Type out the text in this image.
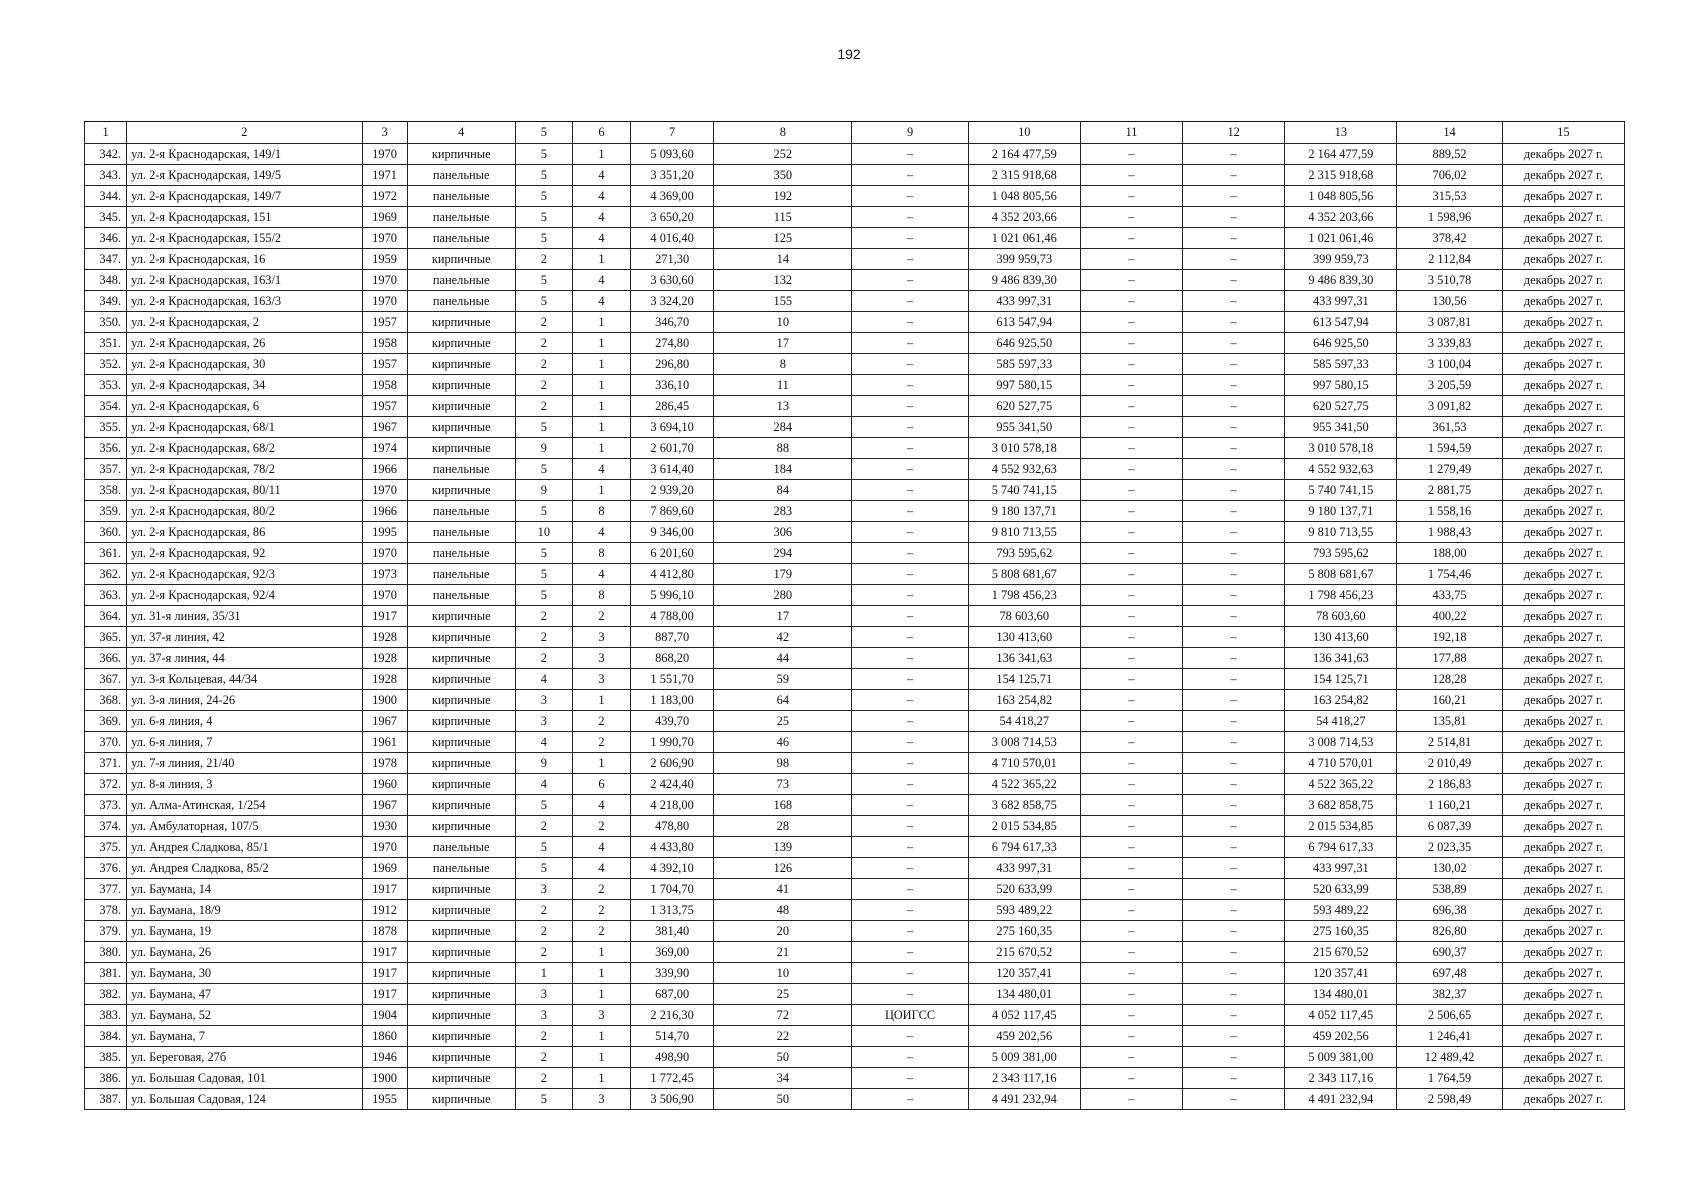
192
1	2	3	4	5	6	7	8	9	10	11	12	13	14	15
342.	ул. 2-я Краснодарская, 149/1	1970	кирпичные	5	1	5 093,60	252	–	2 164 477,59	–	–	2 164 477,59	889,52	декабрь 2027 г.
343.	ул. 2-я Краснодарская, 149/5	1971	панельные	5	4	3 351,20	350	–	2 315 918,68	–	–	2 315 918,68	706,02	декабрь 2027 г.
344.	ул. 2-я Краснодарская, 149/7	1972	панельные	5	4	4 369,00	192	–	1 048 805,56	–	–	1 048 805,56	315,53	декабрь 2027 г.
345.	ул. 2-я Краснодарская, 151	1969	панельные	5	4	3 650,20	115	–	4 352 203,66	–	–	4 352 203,66	1 598,96	декабрь 2027 г.
346.	ул. 2-я Краснодарская, 155/2	1970	панельные	5	4	4 016,40	125	–	1 021 061,46	–	–	1 021 061,46	378,42	декабрь 2027 г.
347.	ул. 2-я Краснодарская, 16	1959	кирпичные	2	1	271,30	14	–	399 959,73	–	–	399 959,73	2 112,84	декабрь 2027 г.
348.	ул. 2-я Краснодарская, 163/1	1970	панельные	5	4	3 630,60	132	–	9 486 839,30	–	–	9 486 839,30	3 510,78	декабрь 2027 г.
349.	ул. 2-я Краснодарская, 163/3	1970	панельные	5	4	3 324,20	155	–	433 997,31	–	–	433 997,31	130,56	декабрь 2027 г.
350.	ул. 2-я Краснодарская, 2	1957	кирпичные	2	1	346,70	10	–	613 547,94	–	–	613 547,94	3 087,81	декабрь 2027 г.
351.	ул. 2-я Краснодарская, 26	1958	кирпичные	2	1	274,80	17	–	646 925,50	–	–	646 925,50	3 339,83	декабрь 2027 г.
352.	ул. 2-я Краснодарская, 30	1957	кирпичные	2	1	296,80	8	–	585 597,33	–	–	585 597,33	3 100,04	декабрь 2027 г.
353.	ул. 2-я Краснодарская, 34	1958	кирпичные	2	1	336,10	11	–	997 580,15	–	–	997 580,15	3 205,59	декабрь 2027 г.
354.	ул. 2-я Краснодарская, 6	1957	кирпичные	2	1	286,45	13	–	620 527,75	–	–	620 527,75	3 091,82	декабрь 2027 г.
355.	ул. 2-я Краснодарская, 68/1	1967	кирпичные	5	1	3 694,10	284	–	955 341,50	–	–	955 341,50	361,53	декабрь 2027 г.
356.	ул. 2-я Краснодарская, 68/2	1974	кирпичные	9	1	2 601,70	88	–	3 010 578,18	–	–	3 010 578,18	1 594,59	декабрь 2027 г.
357.	ул. 2-я Краснодарская, 78/2	1966	панельные	5	4	3 614,40	184	–	4 552 932,63	–	–	4 552 932,63	1 279,49	декабрь 2027 г.
358.	ул. 2-я Краснодарская, 80/11	1970	кирпичные	9	1	2 939,20	84	–	5 740 741,15	–	–	5 740 741,15	2 881,75	декабрь 2027 г.
359.	ул. 2-я Краснодарская, 80/2	1966	панельные	5	8	7 869,60	283	–	9 180 137,71	–	–	9 180 137,71	1 558,16	декабрь 2027 г.
360.	ул. 2-я Краснодарская, 86	1995	панельные	10	4	9 346,00	306	–	9 810 713,55	–	–	9 810 713,55	1 988,43	декабрь 2027 г.
361.	ул. 2-я Краснодарская, 92	1970	панельные	5	8	6 201,60	294	–	793 595,62	–	–	793 595,62	188,00	декабрь 2027 г.
362.	ул. 2-я Краснодарская, 92/3	1973	панельные	5	4	4 412,80	179	–	5 808 681,67	–	–	5 808 681,67	1 754,46	декабрь 2027 г.
363.	ул. 2-я Краснодарская, 92/4	1970	панельные	5	8	5 996,10	280	–	1 798 456,23	–	–	1 798 456,23	433,75	декабрь 2027 г.
364.	ул. 31-я линия, 35/31	1917	кирпичные	2	2	4 788,00	17	–	78 603,60	–	–	78 603,60	400,22	декабрь 2027 г.
365.	ул. 37-я линия, 42	1928	кирпичные	2	3	887,70	42	–	130 413,60	–	–	130 413,60	192,18	декабрь 2027 г.
366.	ул. 37-я линия, 44	1928	кирпичные	2	3	868,20	44	–	136 341,63	–	–	136 341,63	177,88	декабрь 2027 г.
367.	ул. 3-я Кольцевая, 44/34	1928	кирпичные	4	3	1 551,70	59	–	154 125,71	–	–	154 125,71	128,28	декабрь 2027 г.
368.	ул. 3-я линия, 24-26	1900	кирпичные	3	1	1 183,00	64	–	163 254,82	–	–	163 254,82	160,21	декабрь 2027 г.
369.	ул. 6-я линия, 4	1967	кирпичные	3	2	439,70	25	–	54 418,27	–	–	54 418,27	135,81	декабрь 2027 г.
370.	ул. 6-я линия, 7	1961	кирпичные	4	2	1 990,70	46	–	3 008 714,53	–	–	3 008 714,53	2 514,81	декабрь 2027 г.
371.	ул. 7-я линия, 21/40	1978	кирпичные	9	1	2 606,90	98	–	4 710 570,01	–	–	4 710 570,01	2 010,49	декабрь 2027 г.
372.	ул. 8-я линия, 3	1960	кирпичные	4	6	2 424,40	73	–	4 522 365,22	–	–	4 522 365,22	2 186,83	декабрь 2027 г.
373.	ул. Алма-Атинская, 1/254	1967	кирпичные	5	4	4 218,00	168	–	3 682 858,75	–	–	3 682 858,75	1 160,21	декабрь 2027 г.
374.	ул. Амбулаторная, 107/5	1930	кирпичные	2	2	478,80	28	–	2 015 534,85	–	–	2 015 534,85	6 087,39	декабрь 2027 г.
375.	ул. Андрея Сладкова, 85/1	1970	панельные	5	4	4 433,80	139	–	6 794 617,33	–	–	6 794 617,33	2 023,35	декабрь 2027 г.
376.	ул. Андрея Сладкова, 85/2	1969	панельные	5	4	4 392,10	126	–	433 997,31	–	–	433 997,31	130,02	декабрь 2027 г.
377.	ул. Баумана, 14	1917	кирпичные	3	2	1 704,70	41	–	520 633,99	–	–	520 633,99	538,89	декабрь 2027 г.
378.	ул. Баумана, 18/9	1912	кирпичные	2	2	1 313,75	48	–	593 489,22	–	–	593 489,22	696,38	декабрь 2027 г.
379.	ул. Баумана, 19	1878	кирпичные	2	2	381,40	20	–	275 160,35	–	–	275 160,35	826,80	декабрь 2027 г.
380.	ул. Баумана, 26	1917	кирпичные	2	1	369,00	21	–	215 670,52	–	–	215 670,52	690,37	декабрь 2027 г.
381.	ул. Баумана, 30	1917	кирпичные	1	1	339,90	10	–	120 357,41	–	–	120 357,41	697,48	декабрь 2027 г.
382.	ул. Баумана, 47	1917	кирпичные	3	1	687,00	25	–	134 480,01	–	–	134 480,01	382,37	декабрь 2027 г.
383.	ул. Баумана, 52	1904	кирпичные	3	3	2 216,30	72	ЦОИГСС	4 052 117,45	–	–	4 052 117,45	2 506,65	декабрь 2027 г.
384.	ул. Баумана, 7	1860	кирпичные	2	1	514,70	22	–	459 202,56	–	–	459 202,56	1 246,41	декабрь 2027 г.
385.	ул. Береговая, 27б	1946	кирпичные	2	1	498,90	50	–	5 009 381,00	–	–	5 009 381,00	12 489,42	декабрь 2027 г.
386.	ул. Большая Садовая, 101	1900	кирпичные	2	1	1 772,45	34	–	2 343 117,16	–	–	2 343 117,16	1 764,59	декабрь 2027 г.
387.	ул. Большая Садовая, 124	1955	кирпичные	5	3	3 506,90	50	–	4 491 232,94	–	–	4 491 232,94	2 598,49	декабрь 2027 г.
